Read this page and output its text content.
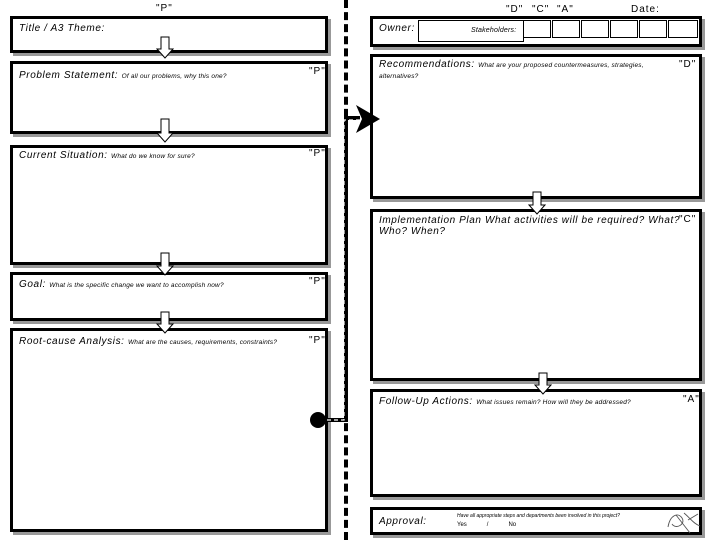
"P"	"D" "C" "A"	Date:
Title / A3 Theme:
Problem Statement: Of all our problems, why this one?	"P"
Current Situation: What do we know for sure?	"P"
Goal: What is the specific change we want to accomplish now?	"P"
Root-cause Analysis: What are the causes, requirements, constraints?	"P"
Owner:	Stakeholders:
Recommendations: What are your proposed countermeasures, strategies, alternatives?
"D"
Implementation Plan What activities will be required? What? Who? When?
"C"
Follow-Up Actions: What issues remain? How will they be addressed?	"A"
Approval:	Have all appropriate steps and departments been involved in this project?
Yes	/	No
